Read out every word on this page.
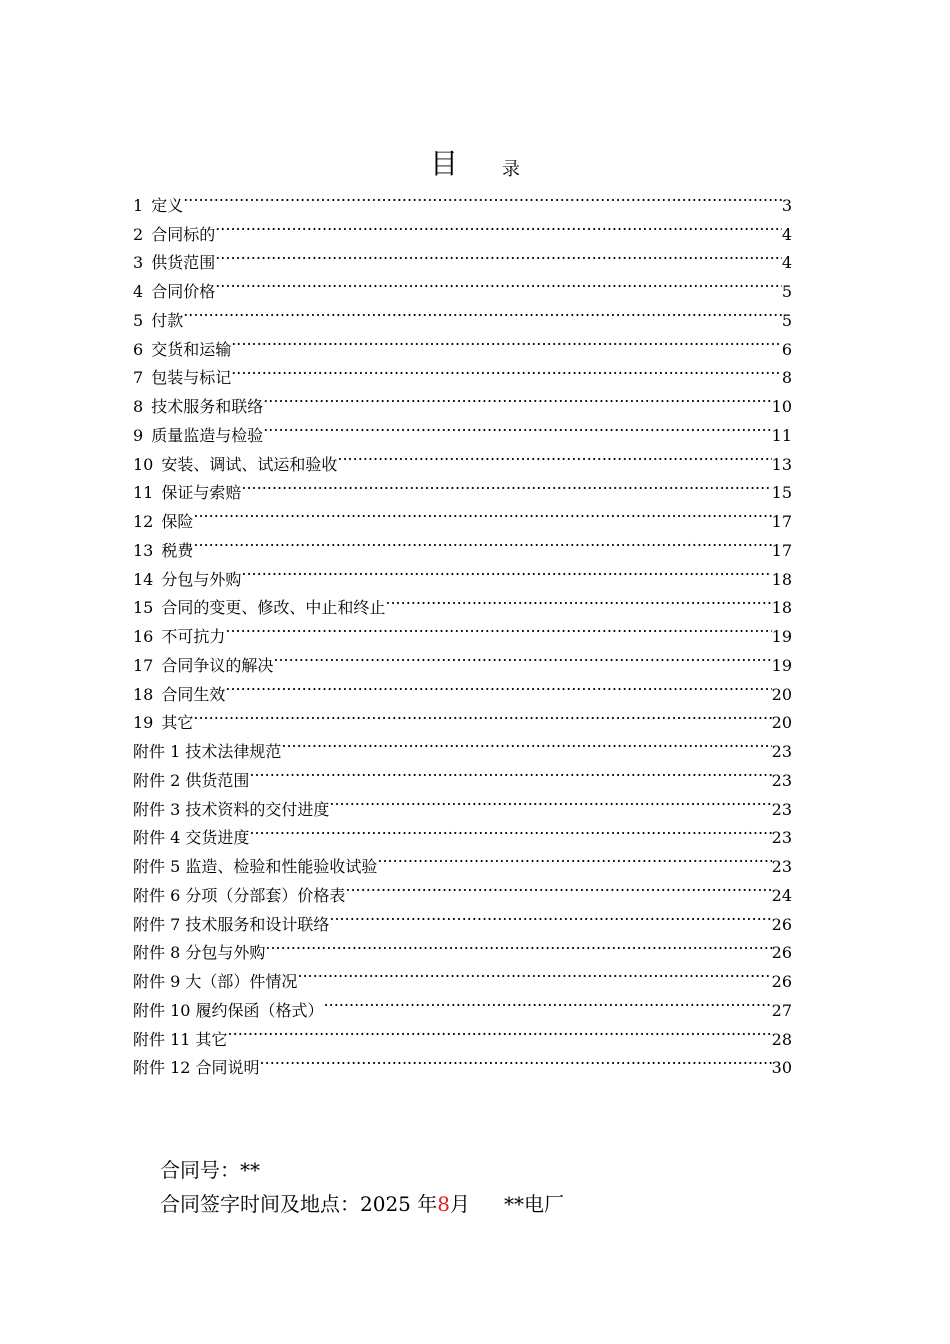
目 录
1 定义 .....	3
2 合同标的 .....	4
3 供货范围 .....	4
4 合同价格 .....	5
5 付款 .....	5
6 交货和运输 .....	6
7 包装与标记 .....	8
8 技术服务和联络 .....	10
9 质量监造与检验 .....	11
10 安装、调试、试运和验收 .....	13
11 保证与索赔 .....	15
12 保险 .....	17
13 税费 .....	17
14 分包与外购 .....	18
15 合同的变更、修改、中止和终止 .....	18
16 不可抗力 .....	19
17 合同争议的解决 .....	19
18 合同生效 .....	20
19 其它 .....	20
附件 1 技术法律规范 .....	23
附件 2 供货范围 .....	23
附件 3 技术资料的交付进度 .....	23
附件 4 交货进度 .....	23
附件 5 监造、检验和性能验收试验 .....	23
附件 6 分项（分部套）价格表 .....	24
附件 7 技术服务和设计联络 .....	26
附件 8 分包与外购 .....	26
附件 9 大（部）件情况 .....	26
附件 10 履约保函（格式） .....	27
附件 11 其它 .....	28
附件 12 合同说明 .....	30
合同号：**
合同签字时间及地点：2025 年8月 **电厂
